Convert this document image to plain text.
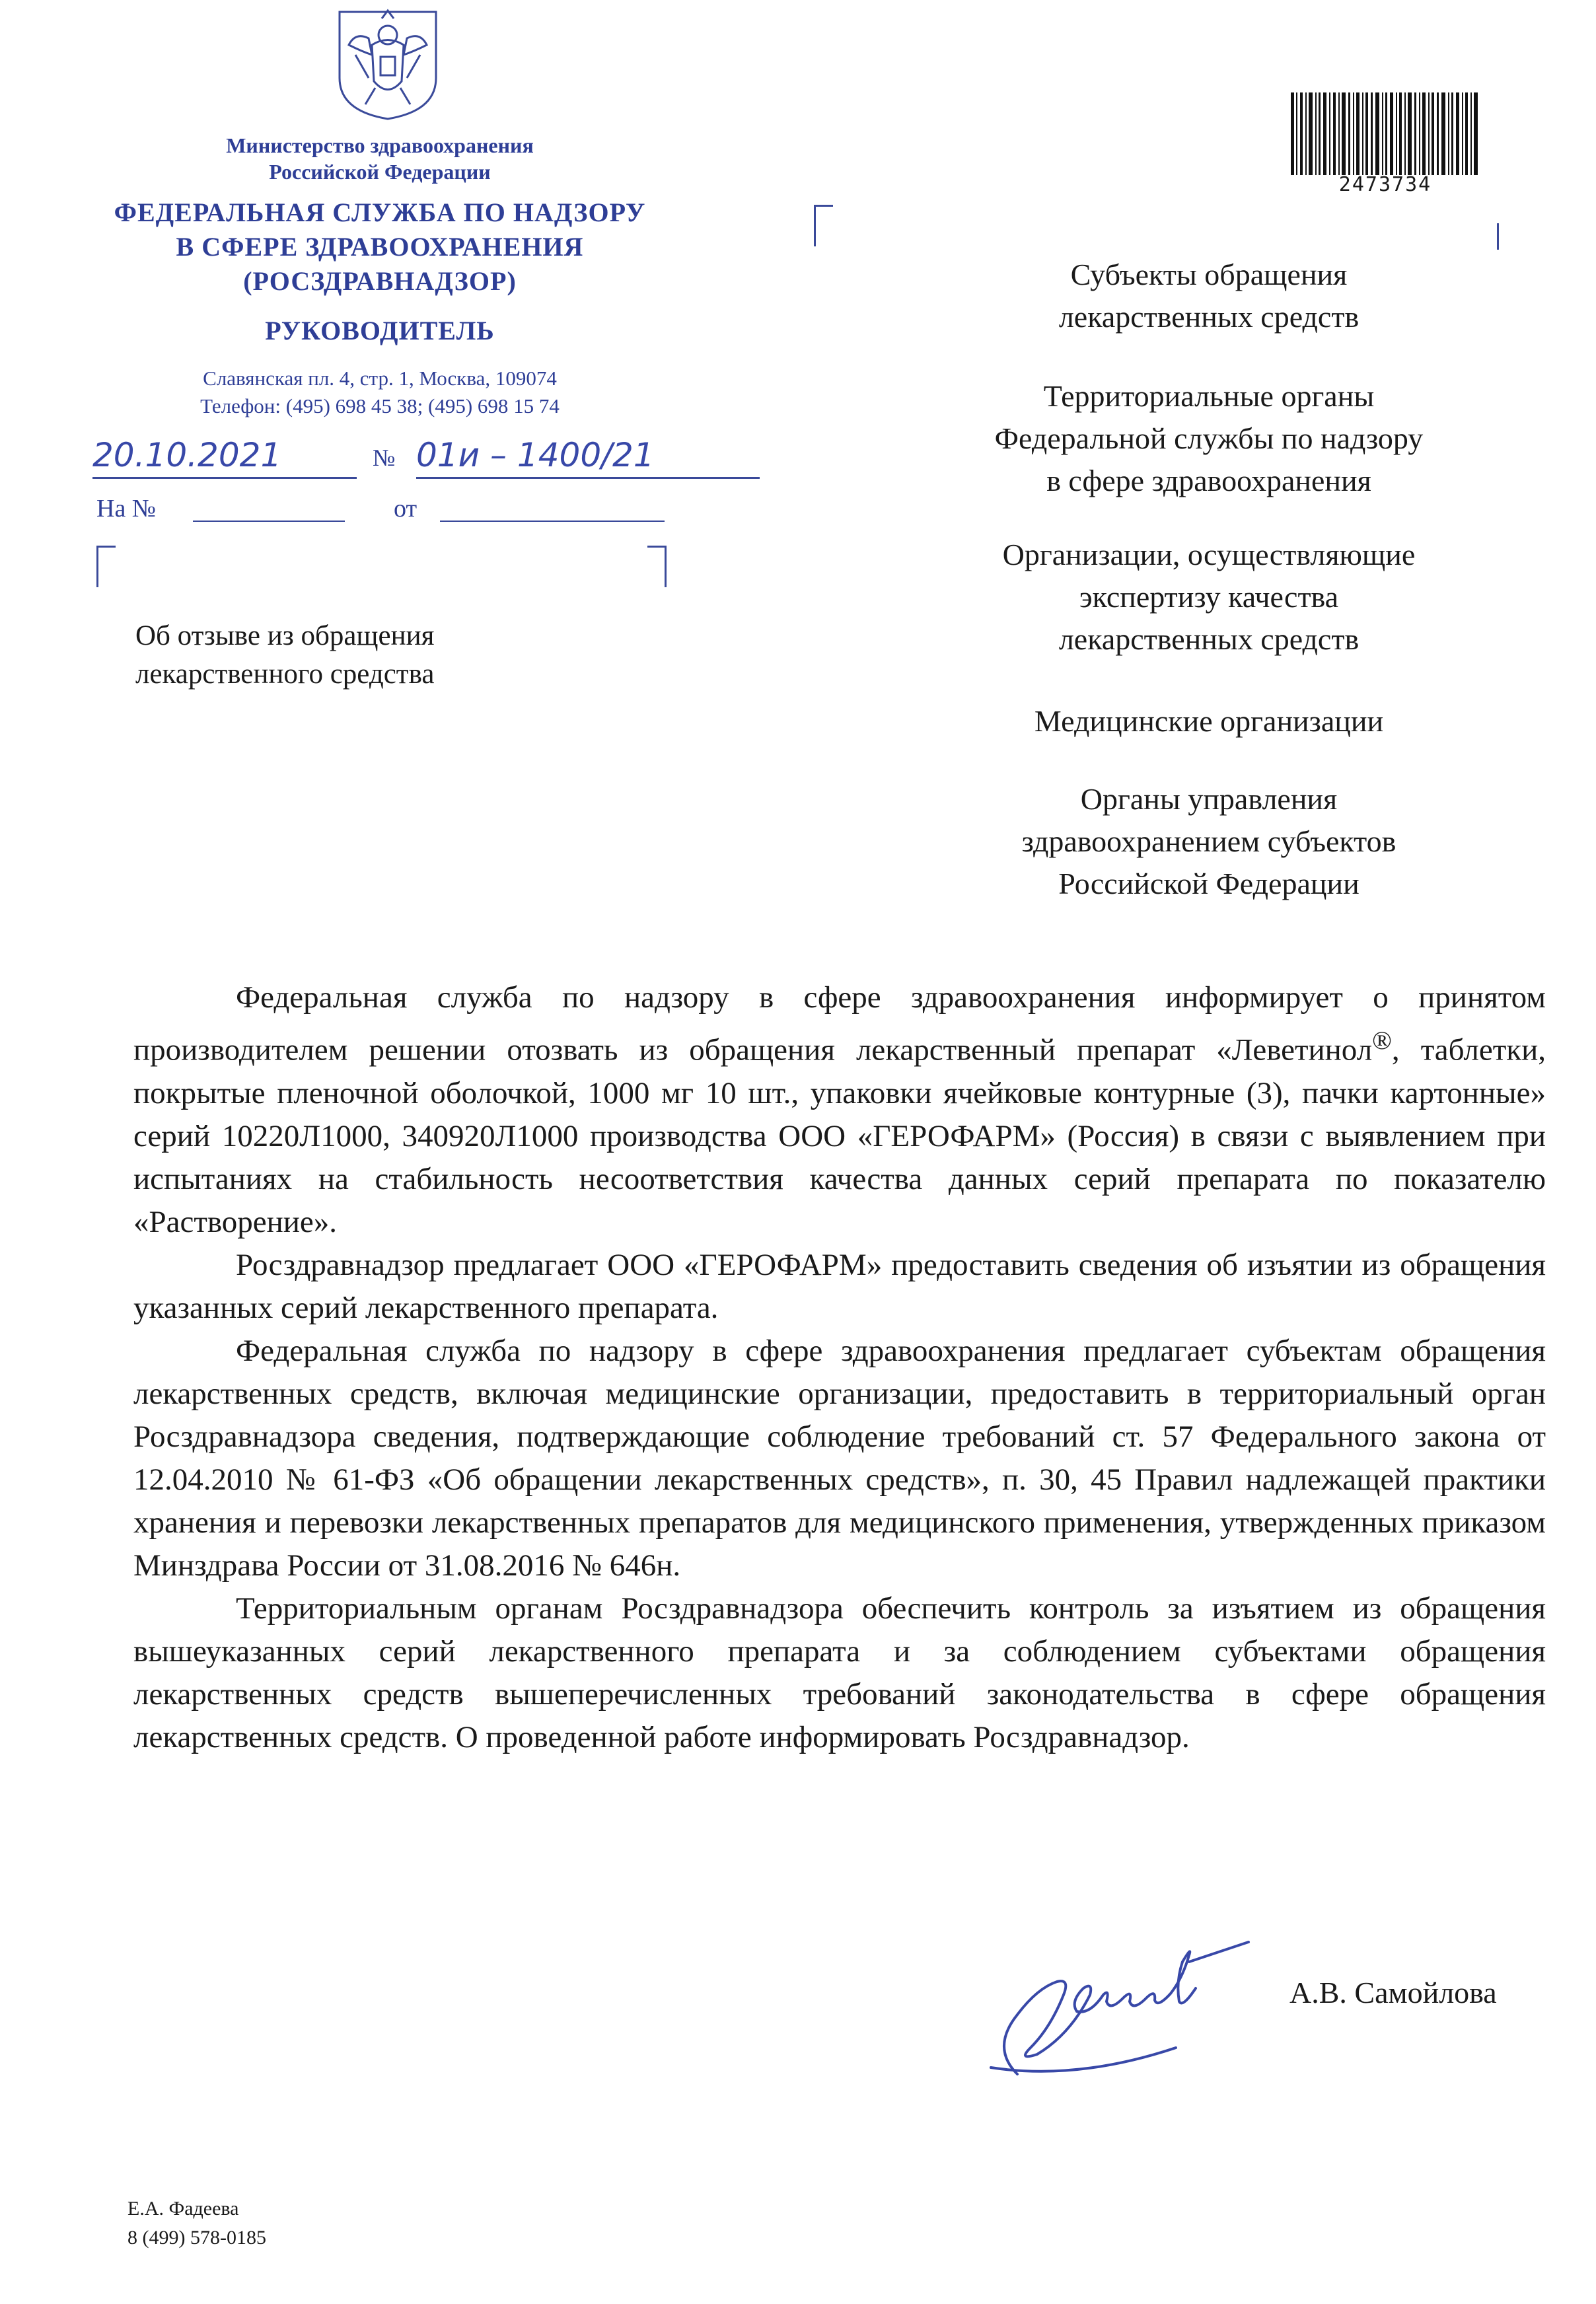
Министерство здравоохранения
Российской Федерации
ФЕДЕРАЛЬНАЯ СЛУЖБА ПО НАДЗОРУ
В СФЕРЕ ЗДРАВООХРАНЕНИЯ
(РОСЗДРАВНАДЗОР)
РУКОВОДИТЕЛЬ
Славянская пл. 4, стр. 1, Москва, 109074
Телефон: (495) 698 45 38; (495) 698 15 74
20.10.2021	№ 01и – 1400/21
На №	от
Об отзыве из обращения
лекарственного средства
2473734
Субъекты обращения
лекарственных средств
Территориальные органы
Федеральной службы по надзору
в сфере здравоохранения
Организации, осуществляющие
экспертизу качества
лекарственных средств
Медицинские организации
Органы управления
здравоохранением субъектов
Российской Федерации

Федеральная служба по надзору в сфере здравоохранения информирует о принятом производителем решении отозвать из обращения лекарственный препарат «Леветинол®, таблетки, покрытые пленочной оболочкой, 1000 мг 10 шт., упаковки ячейковые контурные (3), пачки картонные» серий 10220Л1000, 340920Л1000 производства ООО «ГЕРОФАРМ» (Россия) в связи с выявлением при испытаниях на стабильность несоответствия качества данных серий препарата по показателю «Растворение».

Росздравнадзор предлагает ООО «ГЕРОФАРМ» предоставить сведения об изъятии из обращения указанных серий лекарственного препарата.

Федеральная служба по надзору в сфере здравоохранения предлагает субъектам обращения лекарственных средств, включая медицинские организации, предоставить в территориальный орган Росздравнадзора сведения, подтверждающие соблюдение требований ст. 57 Федерального закона от 12.04.2010 № 61-ФЗ «Об обращении лекарственных средств», п. 30, 45 Правил надлежащей практики хранения и перевозки лекарственных препаратов для медицинского применения, утвержденных приказом Минздрава России от 31.08.2016 № 646н.

Территориальным органам Росздравнадзора обеспечить контроль за изъятием из обращения вышеуказанных серий лекарственного препарата и за соблюдением субъектами обращения лекарственных средств вышеперечисленных требований законодательства в сфере обращения лекарственных средств. О проведенной работе информировать Росздравнадзор.

А.В. Самойлова
Е.А. Фадеева
8 (499) 578-0185
